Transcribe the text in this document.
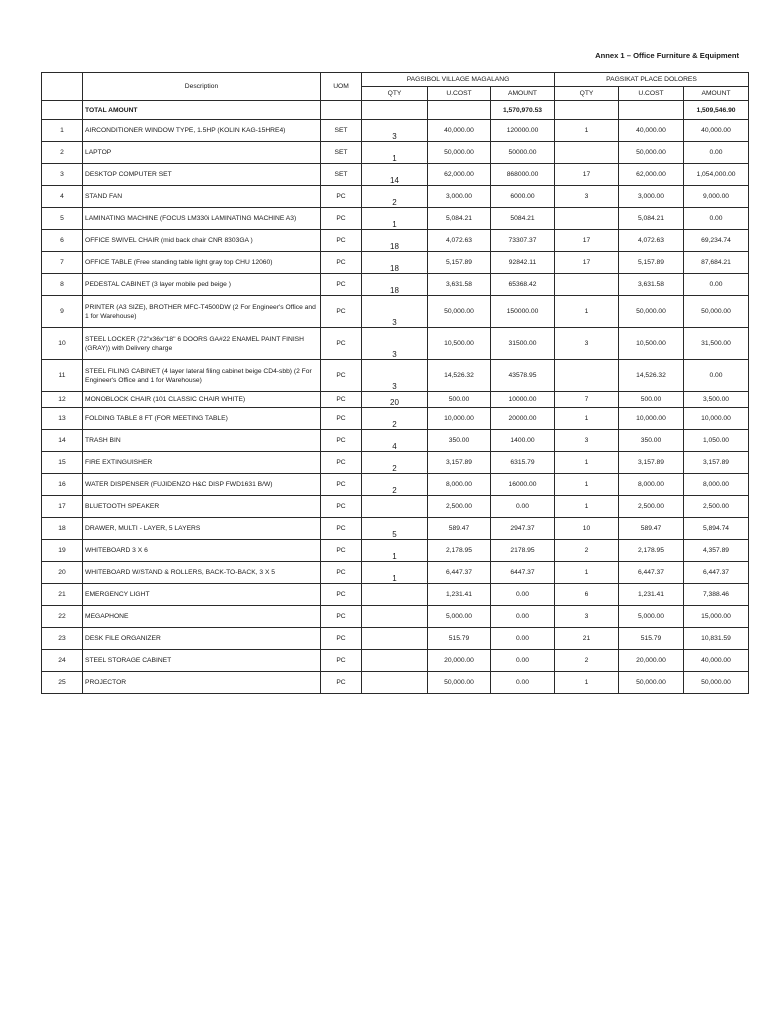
Annex 1 – Office Furniture & Equipment
	Description	UOM	PAGSIBOL VILLAGE MAGALANG			PAGSIKAT PLACE DOLORES		
			QTY	U.COST	AMOUNT	QTY	U.COST	AMOUNT
	TOTAL AMOUNT				1,570,970.53			1,509,546.90
1	AIRCONDITIONER WINDOW TYPE, 1.5HP (KOLIN KAG-15HRE4)	SET	3	40,000.00	120000.00	1	40,000.00	40,000.00
2	LAPTOP	SET	1	50,000.00	50000.00		50,000.00	0.00
3	DESKTOP COMPUTER SET	SET	14	62,000.00	868000.00	17	62,000.00	1,054,000.00
4	STAND FAN	PC	2	3,000.00	6000.00	3	3,000.00	9,000.00
5	LAMINATING MACHINE (FOCUS LM330i LAMINATING MACHINE A3)	PC	1	5,084.21	5084.21		5,084.21	0.00
6	OFFICE SWIVEL CHAIR (mid back chair CNR 8303GA )	PC	18	4,072.63	73307.37	17	4,072.63	69,234.74
7	OFFICE TABLE (Free standing table light gray top CHU 12060)	PC	18	5,157.89	92842.11	17	5,157.89	87,684.21
8	PEDESTAL CABINET (3 layer mobile ped beige )	PC	18	3,631.58	65368.42		3,631.58	0.00
9	PRINTER (A3 SIZE), BROTHER MFC-T4500DW (2 For Engineer's Office and 1 for Warehouse)	PC	3	50,000.00	150000.00	1	50,000.00	50,000.00
10	STEEL LOCKER (72"x36x"18" 6 DOORS GA#22 ENAMEL PAINT FINISH (GRAY)) with Delivery charge	PC	3	10,500.00	31500.00	3	10,500.00	31,500.00
11	STEEL FILING CABINET (4 layer lateral filing cabinet beige CD4-sbb) (2 For Engineer's Office and 1 for Warehouse)	PC	3	14,526.32	43578.95		14,526.32	0.00
12	MONOBLOCK CHAIR (101 CLASSIC CHAIR WHITE)	PC	20	500.00	10000.00	7	500.00	3,500.00
13	FOLDING TABLE 8 FT (FOR MEETING TABLE)	PC	2	10,000.00	20000.00	1	10,000.00	10,000.00
14	TRASH BIN	PC	4	350.00	1400.00	3	350.00	1,050.00
15	FIRE EXTINGUISHER	PC	2	3,157.89	6315.79	1	3,157.89	3,157.89
16	WATER DISPENSER (FUJIDENZO H&C DISP FWD1631 B/W)	PC	2	8,000.00	16000.00	1	8,000.00	8,000.00
17	BLUETOOTH SPEAKER	PC		2,500.00	0.00	1	2,500.00	2,500.00
18	DRAWER, MULTI - LAYER, 5 LAYERS	PC	5	589.47	2947.37	10	589.47	5,894.74
19	WHITEBOARD 3 X 6	PC	1	2,178.95	2178.95	2	2,178.95	4,357.89
20	WHITEBOARD W/STAND & ROLLERS, BACK-TO-BACK, 3 X 5	PC	1	6,447.37	6447.37	1	6,447.37	6,447.37
21	EMERGENCY LIGHT	PC		1,231.41	0.00	6	1,231.41	7,388.46
22	MEGAPHONE	PC		5,000.00	0.00	3	5,000.00	15,000.00
23	DESK FILE ORGANIZER	PC		515.79	0.00	21	515.79	10,831.59
24	STEEL STORAGE CABINET	PC		20,000.00	0.00	2	20,000.00	40,000.00
25	PROJECTOR	PC		50,000.00	0.00	1	50,000.00	50,000.00
